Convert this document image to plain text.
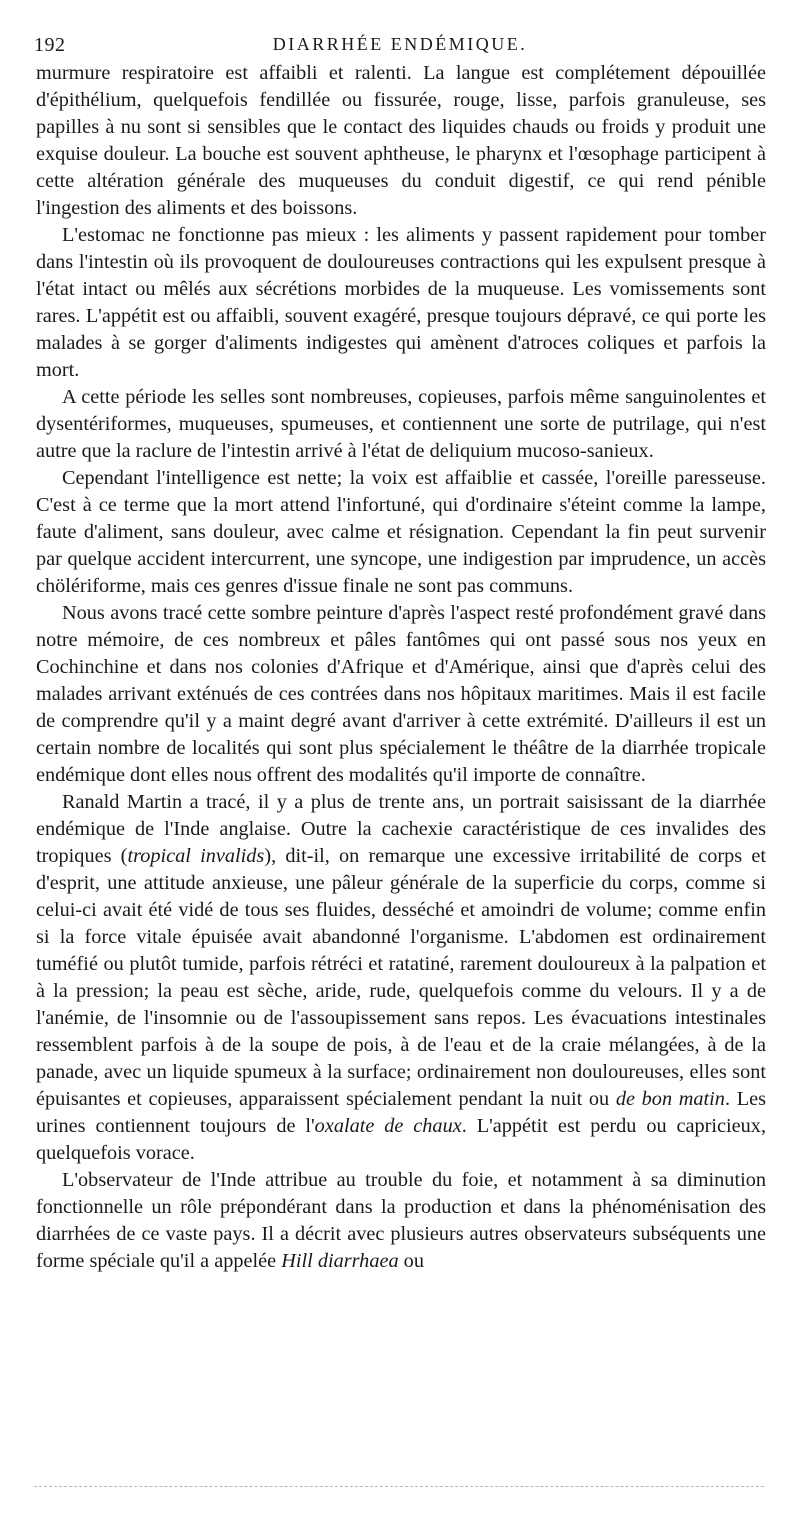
192	DIARRHÉE ENDÉMIQUE.

murmure respiratoire est affaibli et ralenti. La langue est complétement dépouillée d'épithélium, quelquefois fendillée ou fissurée, rouge, lisse, parfois granuleuse, ses papilles à nu sont si sensibles que le contact des liquides chauds ou froids y produit une exquise douleur. La bouche est souvent aphtheuse, le pharynx et l'œsophage participent à cette altération générale des muqueuses du conduit digestif, ce qui rend pénible l'ingestion des aliments et des boissons.

L'estomac ne fonctionne pas mieux : les aliments y passent rapidement pour tomber dans l'intestin où ils provoquent de douloureuses contractions qui les expulsent presque à l'état intact ou mêlés aux sécrétions morbides de la muqueuse. Les vomissements sont rares. L'appétit est ou affaibli, souvent exagéré, presque toujours dépravé, ce qui porte les malades à se gorger d'aliments indigestes qui amènent d'atroces coliques et parfois la mort.

A cette période les selles sont nombreuses, copieuses, parfois même sanguinolentes et dysentériformes, muqueuses, spumeuses, et contiennent une sorte de putrilage, qui n'est autre que la raclure de l'intestin arrivé à l'état de deliquium mucoso-sanieux.

Cependant l'intelligence est nette; la voix est affaiblie et cassée, l'oreille paresseuse. C'est à ce terme que la mort attend l'infortuné, qui d'ordinaire s'éteint comme la lampe, faute d'aliment, sans douleur, avec calme et résignation. Cependant la fin peut survenir par quelque accident intercurrent, une syncope, une indigestion par imprudence, un accès chölériforme, mais ces genres d'issue finale ne sont pas communs.

Nous avons tracé cette sombre peinture d'après l'aspect resté profondément gravé dans notre mémoire, de ces nombreux et pâles fantômes qui ont passé sous nos yeux en Cochinchine et dans nos colonies d'Afrique et d'Amérique, ainsi que d'après celui des malades arrivant exténués de ces contrées dans nos hôpitaux maritimes. Mais il est facile de comprendre qu'il y a maint degré avant d'arriver à cette extrémité. D'ailleurs il est un certain nombre de localités qui sont plus spécialement le théâtre de la diarrhée tropicale endémique dont elles nous offrent des modalités qu'il importe de connaître.

Ranald Martin a tracé, il y a plus de trente ans, un portrait saisissant de la diarrhée endémique de l'Inde anglaise. Outre la cachexie caractéristique de ces invalides des tropiques (tropical invalids), dit-il, on remarque une excessive irritabilité de corps et d'esprit, une attitude anxieuse, une pâleur générale de la superficie du corps, comme si celui-ci avait été vidé de tous ses fluides, desséché et amoindri de volume; comme enfin si la force vitale épuisée avait abandonné l'organisme. L'abdomen est ordinairement tuméfié ou plutôt tumide, parfois rétréci et ratatiné, rarement douloureux à la palpation et à la pression; la peau est sèche, aride, rude, quelquefois comme du velours. Il y a de l'anémie, de l'insomnie ou de l'assoupissement sans repos. Les évacuations intestinales ressemblent parfois à de la soupe de pois, à de l'eau et de la craie mélangées, à de la panade, avec un liquide spumeux à la surface; ordinairement non douloureuses, elles sont épuisantes et copieuses, apparaissent spécialement pendant la nuit ou de bon matin. Les urines contiennent toujours de l'oxalate de chaux. L'appétit est perdu ou capricieux, quelquefois vorace.

L'observateur de l'Inde attribue au trouble du foie, et notamment à sa diminution fonctionnelle un rôle prépondérant dans la production et dans la phénoménisation des diarrhées de ce vaste pays. Il a décrit avec plusieurs autres observateurs subséquents une forme spéciale qu'il a appelée Hill diarrhaea ou
